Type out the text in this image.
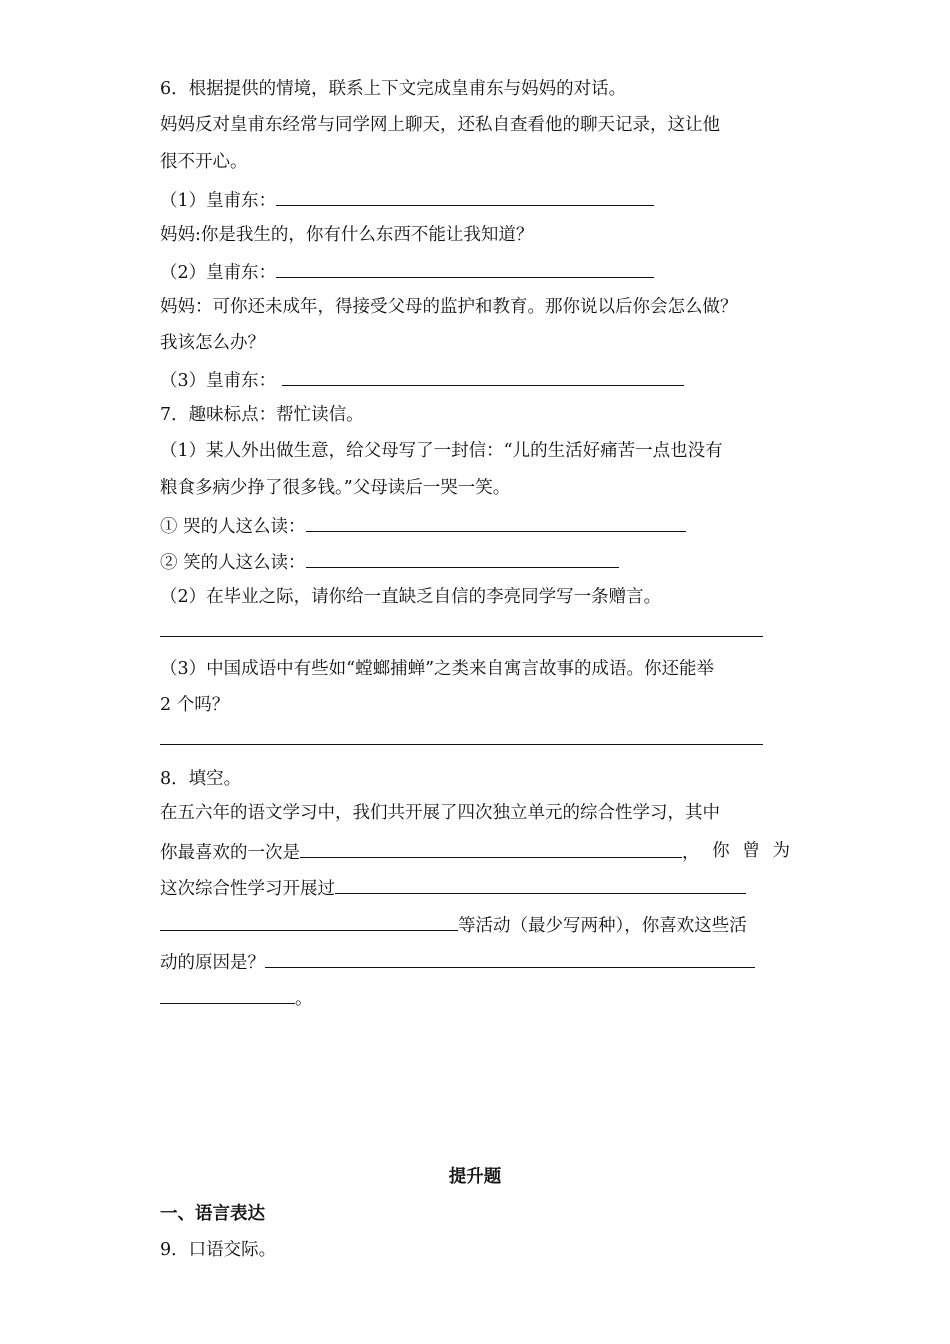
6．根据提供的情境，联系上下文完成皇甫东与妈妈的对话。
妈妈反对皇甫东经常与同学网上聊天，还私自查看他的聊天记录，这让他
很不开心。
（1）皇甫东：
妈妈:你是我生的，你有什么东西不能让我知道？
（2）皇甫东：
妈妈：可你还未成年，得接受父母的监护和教育。那你说以后你会怎么做？
我该怎么办？
（3）皇甫东：
7．趣味标点：帮忙读信。
（1）某人外出做生意，给父母写了一封信：“儿的生活好痛苦一点也没有
粮食多病少挣了很多钱。”父母读后一哭一笑。
① 哭的人这么读：
② 笑的人这么读：
（2）在毕业之际，请你给一直缺乏自信的李亮同学写一条赠言。
（3）中国成语中有些如“螳螂捕蝉”之类来自寓言故事的成语。你还能举
2 个吗？
8．填空。
在五六年的语文学习中，我们共开展了四次独立单元的综合性学习，其中
你最喜欢的一次是	， 你 曾 为
这次综合性学习开展过
等活动（最少写两种），你喜欢这些活
动的原因是？
。
提升题
一、语言表达
9．口语交际。
